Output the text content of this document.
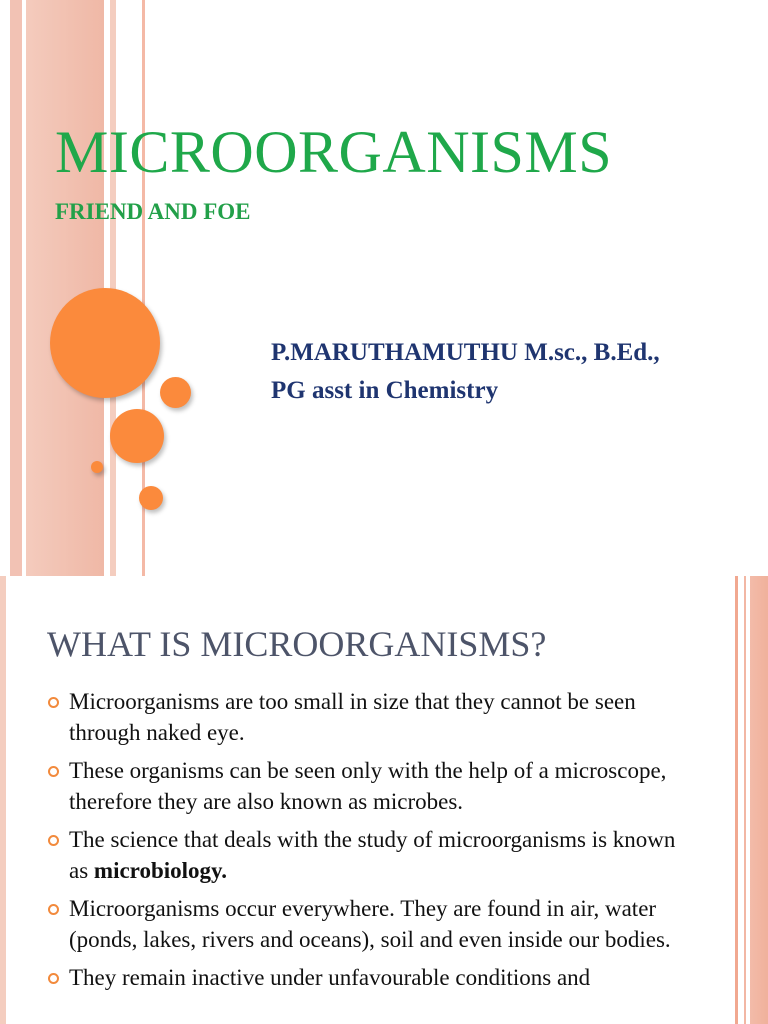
MICROORGANISMS
FRIEND AND FOE
P.MARUTHAMUTHU M.sc., B.Ed.,
PG asst in Chemistry
WHAT IS MICROORGANISMS?
Microorganisms are too small in size that they cannot be seen through naked eye.
These organisms can be seen only with the help of a microscope, therefore they are also known as microbes.
The science that deals with the study of microorganisms is known as microbiology.
Microorganisms occur everywhere. They are found in air, water (ponds, lakes, rivers and oceans), soil and even inside our bodies.
They remain inactive under unfavourable conditions and
